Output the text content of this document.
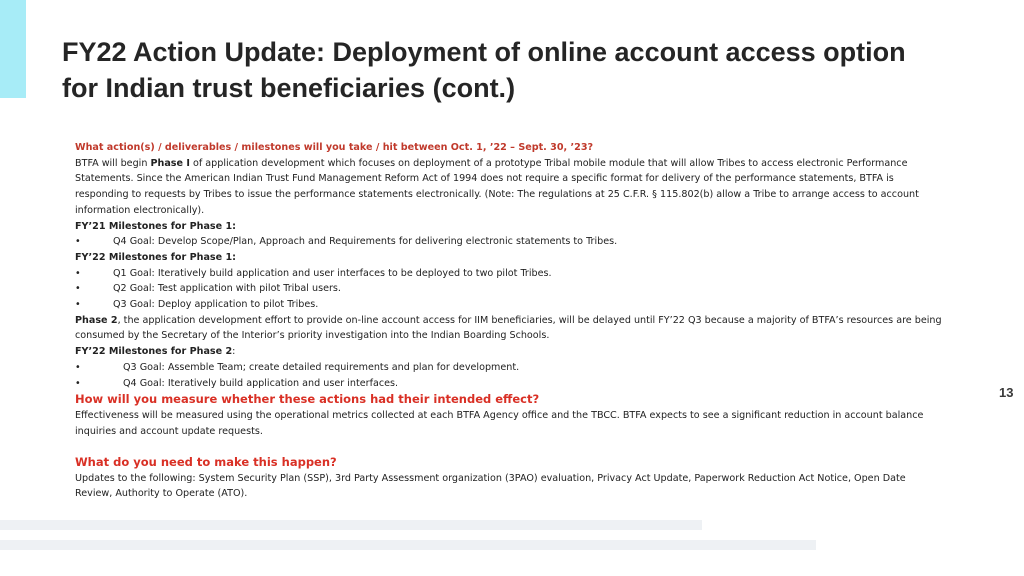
FY22 Action Update: Deployment of online account access option
for Indian trust beneficiaries (cont.)

What action(s) / deliverables / milestones will you take / hit between Oct. 1, ’22 – Sept. 30, ’23?

BTFA will begin Phase I of application development which focuses on deployment of a prototype Tribal mobile module that will allow Tribes to access electronic Performance Statements. Since the American Indian Trust Fund Management Reform Act of 1994 does not require a specific format for delivery of the performance statements, BTFA is responding to requests by Tribes to issue the performance statements electronically. (Note: The regulations at 25 C.F.R. § 115.802(b) allow a Tribe to arrange access to account information electronically).

FY’21 Milestones for Phase 1:

•	Q4 Goal: Develop Scope/Plan, Approach and Requirements for delivering electronic statements to Tribes.

FY’22 Milestones for Phase 1:

•	Q1 Goal: Iteratively build application and user interfaces to be deployed to two pilot Tribes.
•	Q2 Goal: Test application with pilot Tribal users.
•	Q3 Goal: Deploy application to pilot Tribes.

Phase 2, the application development effort to provide on-line account access for IIM beneficiaries, will be delayed until FY’22 Q3 because a majority of BTFA’s resources are being consumed by the Secretary of the Interior’s priority investigation into the Indian Boarding Schools.

FY’22 Milestones for Phase 2:

•	Q3 Goal: Assemble Team; create detailed requirements and plan for development.
•	Q4 Goal: Iteratively build application and user interfaces.

How will you measure whether these actions had their intended effect?

Effectiveness will be measured using the operational metrics collected at each BTFA Agency office and the TBCC. BTFA expects to see a significant reduction in account balance inquiries and account update requests.

What do you need to make this happen?

Updates to the following: System Security Plan (SSP), 3rd Party Assessment organization (3PAO) evaluation, Privacy Act Update, Paperwork Reduction Act Notice, Open Date Review, Authority to Operate (ATO).

13
